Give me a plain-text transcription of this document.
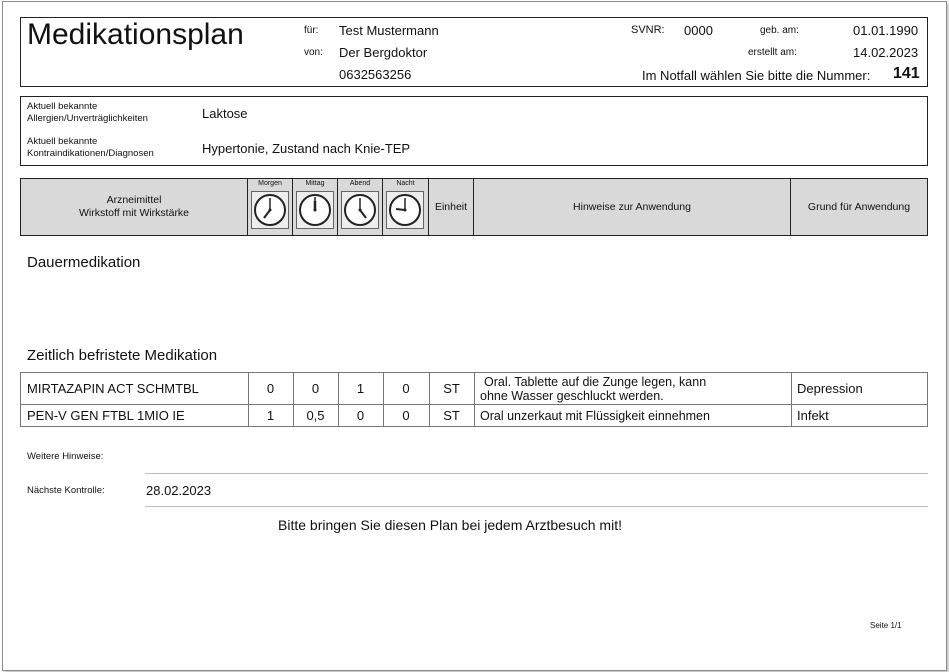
Medikationsplan	für: Test Mustermann
von: Der Bergdoktor
0632563256
SVNR: 0000	geb. am:	01.01.1990
erstellt am:	14.02.2023
Im Notfall wählen Sie bitte die Nummer: 141
Aktuell bekannte
Allergien/Unverträglichkeiten	Laktose
Aktuell bekannte
Kontraindikationen/Diagnosen	Hypertonie, Zustand nach Knie-TEP
Arzneimittel
Wirkstoff mit Wirkstärke
Morgen	Mittag	Abend	Nacht
Einheit	Hinweise zur Anwendung	Grund für Anwendung
Dauermedikation
Zeitlich befristete Medikation
MIRTAZAPIN ACT SCHMTBL	0	0	1	0	ST	Oral. Tablette auf die Zunge legen, kann
ohne Wasser geschluckt werden.	Depression
PEN-V GEN FTBL 1MIO IE	1	0,5	0	0	ST	Oral unzerkaut mit Flüssigkeit einnehmen	Infekt
Weitere Hinweise:
Nächste Kontrolle:	28.02.2023
Bitte bringen Sie diesen Plan bei jedem Arztbesuch mit!
Seite 1/1
